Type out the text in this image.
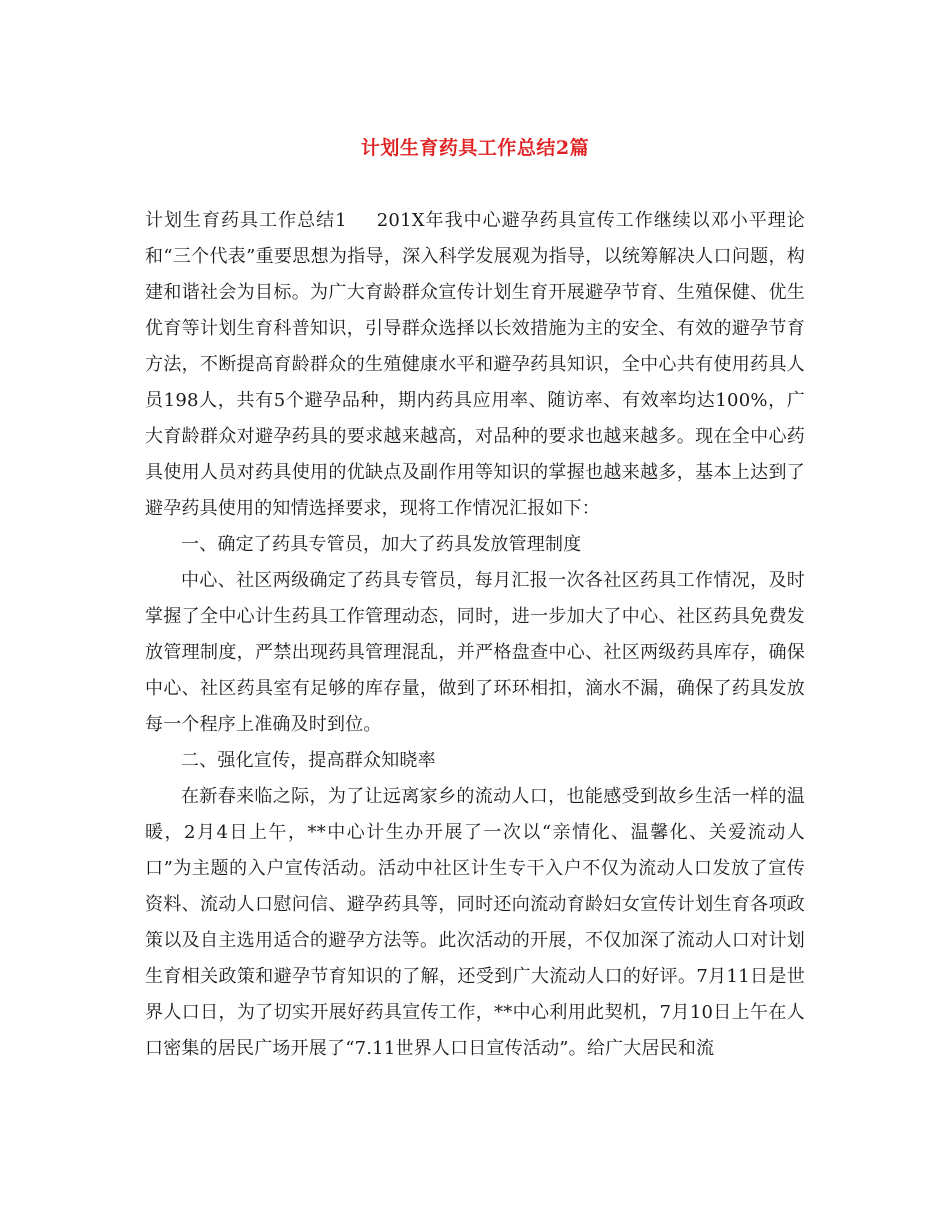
计划生育药具工作总结2篇

计划生育药具工作总结1 201X年我中心避孕药具宣传工作继续以邓小平理论和“三个代表”重要思想为指导，深入科学发展观为指导，以统筹解决人口问题，构建和谐社会为目标。为广大育龄群众宣传计划生育开展避孕节育、生殖保健、优生优育等计划生育科普知识，引导群众选择以长效措施为主的安全、有效的避孕节育方法，不断提高育龄群众的生殖健康水平和避孕药具知识，全中心共有使用药具人员198人，共有5个避孕品种，期内药具应用率、随访率、有效率均达100%，广大育龄群众对避孕药具的要求越来越高，对品种的要求也越来越多。现在全中心药具使用人员对药具使用的优缺点及副作用等知识的掌握也越来越多，基本上达到了避孕药具使用的知情选择要求，现将工作情况汇报如下：

一、确定了药具专管员，加大了药具发放管理制度

中心、社区两级确定了药具专管员，每月汇报一次各社区药具工作情况，及时掌握了全中心计生药具工作管理动态，同时，进一步加大了中心、社区药具免费发放管理制度，严禁出现药具管理混乱，并严格盘查中心、社区两级药具库存，确保中心、社区药具室有足够的库存量，做到了环环相扣，滴水不漏，确保了药具发放每一个程序上准确及时到位。

二、强化宣传，提高群众知晓率

在新春来临之际，为了让远离家乡的流动人口，也能感受到故乡生活一样的温暖，2月4日上午，**中心计生办开展了一次以“亲情化、温馨化、关爱流动人口”为主题的入户宣传活动。活动中社区计生专干入户不仅为流动人口发放了宣传资料、流动人口慰问信、避孕药具等，同时还向流动育龄妇女宣传计划生育各项政策以及自主选用适合的避孕方法等。此次活动的开展，不仅加深了流动人口对计划生育相关政策和避孕节育知识的了解，还受到广大流动人口的好评。7月11日是世界人口日，为了切实开展好药具宣传工作，**中心利用此契机，7月10日上午在人口密集的居民广场开展了“7.11世界人口日宣传活动”。给广大居民和流
